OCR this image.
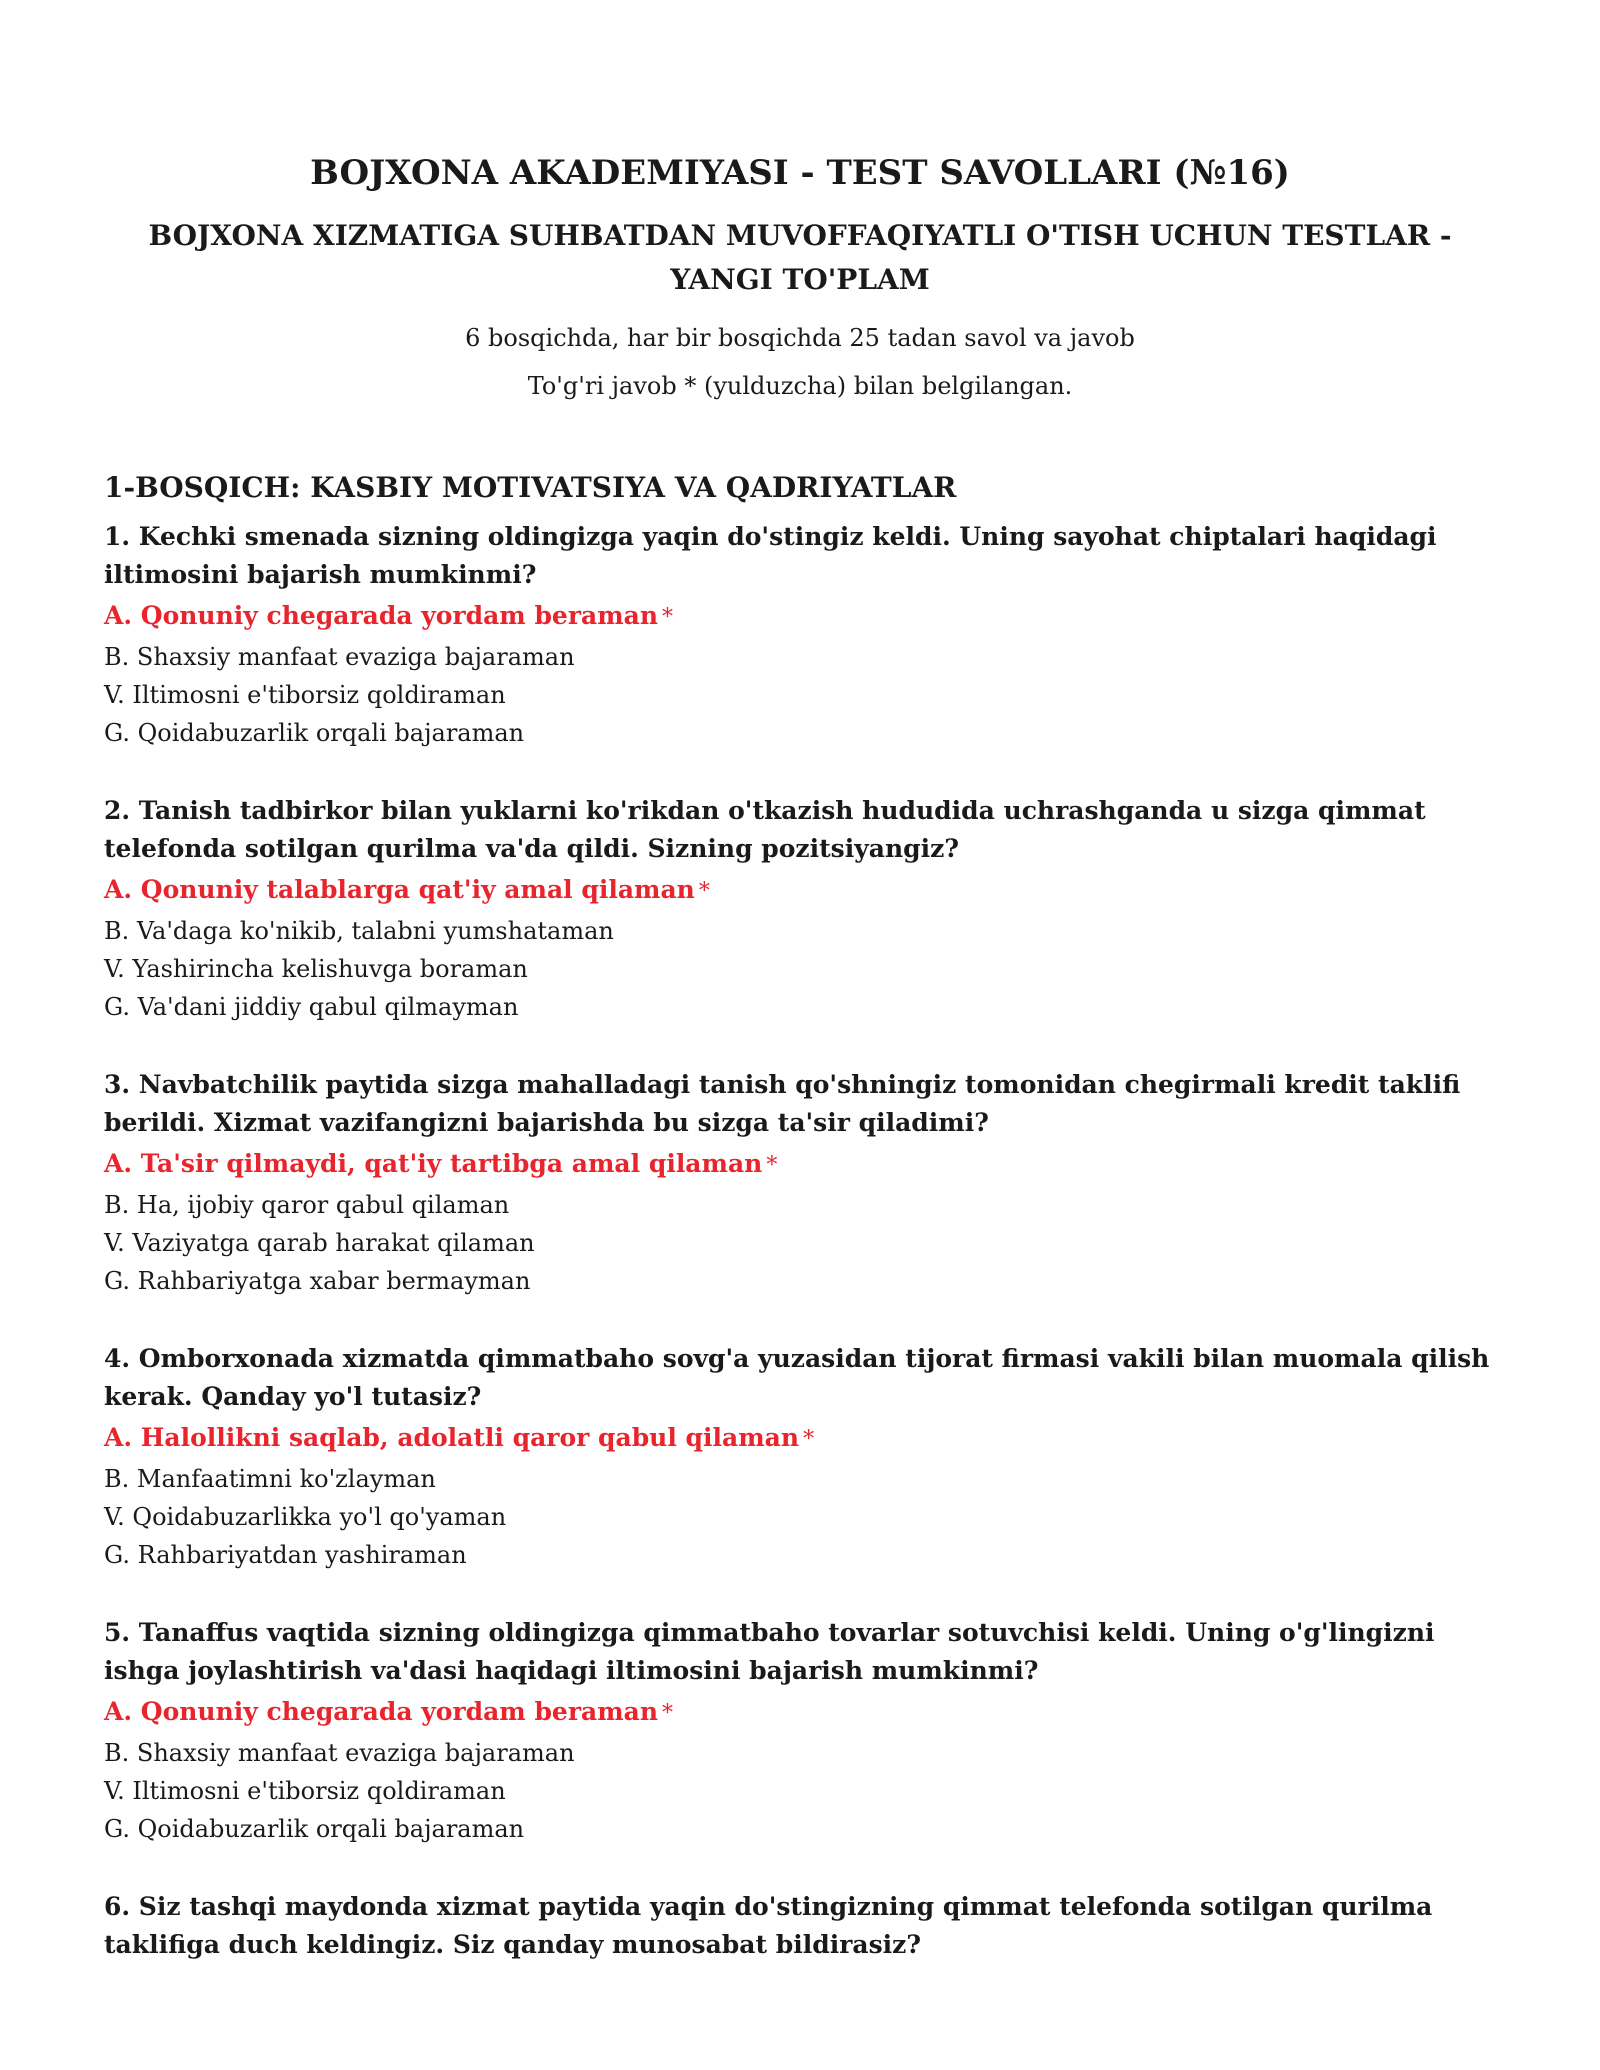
BOJXONA AKADEMIYASI - TEST SAVOLLARI (№16)
BOJXONA XIZMATIGA SUHBATDAN MUVOFFAQIYATLI O'TISH UCHUN TESTLAR - YANGI TO'PLAM

6 bosqichda, har bir bosqichda 25 tadan savol va javob

To'g'ri javob * (yulduzcha) bilan belgilangan.

1-BOSQICH: KASBIY MOTIVATSIYA VA QADRIYATLAR

1. Kechki smenada sizning oldingizga yaqin do'stingiz keldi. Uning sayohat chiptalari haqidagi iltimosini bajarish mumkinmi?

A. Qonuniy chegarada yordam beraman *

B. Shaxsiy manfaat evaziga bajaraman

V. Iltimosni e'tiborsiz qoldiraman

G. Qoidabuzarlik orqali bajaraman

2. Tanish tadbirkor bilan yuklarni ko'rikdan o'tkazish hududida uchrashganda u sizga qimmat telefonda sotilgan qurilma va'da qildi. Sizning pozitsiyangiz?

A. Qonuniy talablarga qat'iy amal qilaman *

B. Va'daga ko'nikib, talabni yumshataman

V. Yashirincha kelishuvga boraman

G. Va'dani jiddiy qabul qilmayman

3. Navbatchilik paytida sizga mahalladagi tanish qo'shningiz tomonidan chegirmali kredit taklifi berildi. Xizmat vazifangizni bajarishda bu sizga ta'sir qiladimi?

A. Ta'sir qilmaydi, qat'iy tartibga amal qilaman *

B. Ha, ijobiy qaror qabul qilaman

V. Vaziyatga qarab harakat qilaman

G. Rahbariyatga xabar bermayman

4. Omborxonada xizmatda qimmatbaho sovg'a yuzasidan tijorat firmasi vakili bilan muomala qilish kerak. Qanday yo'l tutasiz?

A. Halollikni saqlab, adolatli qaror qabul qilaman *

B. Manfaatimni ko'zlayman

V. Qoidabuzarlikka yo'l qo'yaman

G. Rahbariyatdan yashiraman

5. Tanaffus vaqtida sizning oldingizga qimmatbaho tovarlar sotuvchisi keldi. Uning o'g'lingizni ishga joylashtirish va'dasi haqidagi iltimosini bajarish mumkinmi?

A. Qonuniy chegarada yordam beraman *

B. Shaxsiy manfaat evaziga bajaraman

V. Iltimosni e'tiborsiz qoldiraman

G. Qoidabuzarlik orqali bajaraman

6. Siz tashqi maydonda xizmat paytida yaqin do'stingizning qimmat telefonda sotilgan qurilma taklifiga duch keldingiz. Siz qanday munosabat bildirasiz?
